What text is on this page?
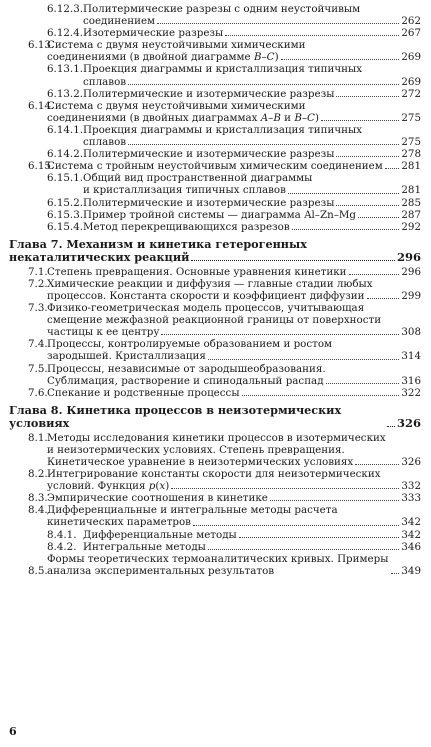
6.12.3. Политермические разрезы с одним неустойчивым
соединением	262
6.12.4. Изотермические разрезы	267
6.13.
Система с двумя неустойчивыми химическими
соединениями (в двойной диаграмме B–C)	269
6.13.1. Проекция диаграммы и кристаллизация типичных
сплавов	269
6.13.2. Политермические и изотермические разрезы	272
6.14.
Система с двумя неустойчивыми химическими
соединениями (в двойных диаграммах A–B и B–C)	275
6.14.1. Проекция диаграммы и кристаллизация типичных
сплавов	275
6.14.2. Политермические и изотермические разрезы	278
6.15.
Система с тройным неустойчивым химическим соединением 281
6.15.1. Общий вид пространственной диаграммы
и кристаллизация типичных сплавов	281
6.15.2. Политермические и изотермические разрезы	285
6.15.3. Пример тройной системы — диаграмма Al–Zn–Mg	287
6.15.4. Метод перекрещивающихся разрезов	292
Глава 7. Механизм и кинетика гетерогенных
некаталитических реакций	296
7.1. Степень превращения. Основные уравнения кинетики	296
7.2. Химические реакции и диффузия — главные стадии любых
процессов. Константа скорости и коэффициент диффузии	299
7.3. Физико-геометрическая модель процессов, учитывающая
смещение межфазной реакционной границы от поверхности
частицы к ее центру	308
7.4. Процессы, контролируемые образованием и ростом
зародышей. Кристаллизация	314
7.5. Процессы, независимые от зародышеобразования.
Сублимация, растворение и спинодальный распад	316
7.6. Спекание и родственные процессы	322
Глава 8. Кинетика процессов в неизотермических условиях	326
8.1. Методы исследования кинетики процессов в изотермических
и неизотермических условиях. Степень превращения.
Кинетическое уравнение в неизотермических условиях	326
8.2. Интегрирование константы скорости для неизотермических
условий. Функция p(x)	332
8.3. Эмпирические соотношения в кинетике	333
8.4. Дифференциальные и интегральные методы расчета
кинетических параметров	342
8.4.1. Дифференциальные методы	342
8.4.2. Интегральные методы	346
8.5.
Формы теоретических термоаналитических кривых. Примеры анализа экспериментальных результатов	349
6
